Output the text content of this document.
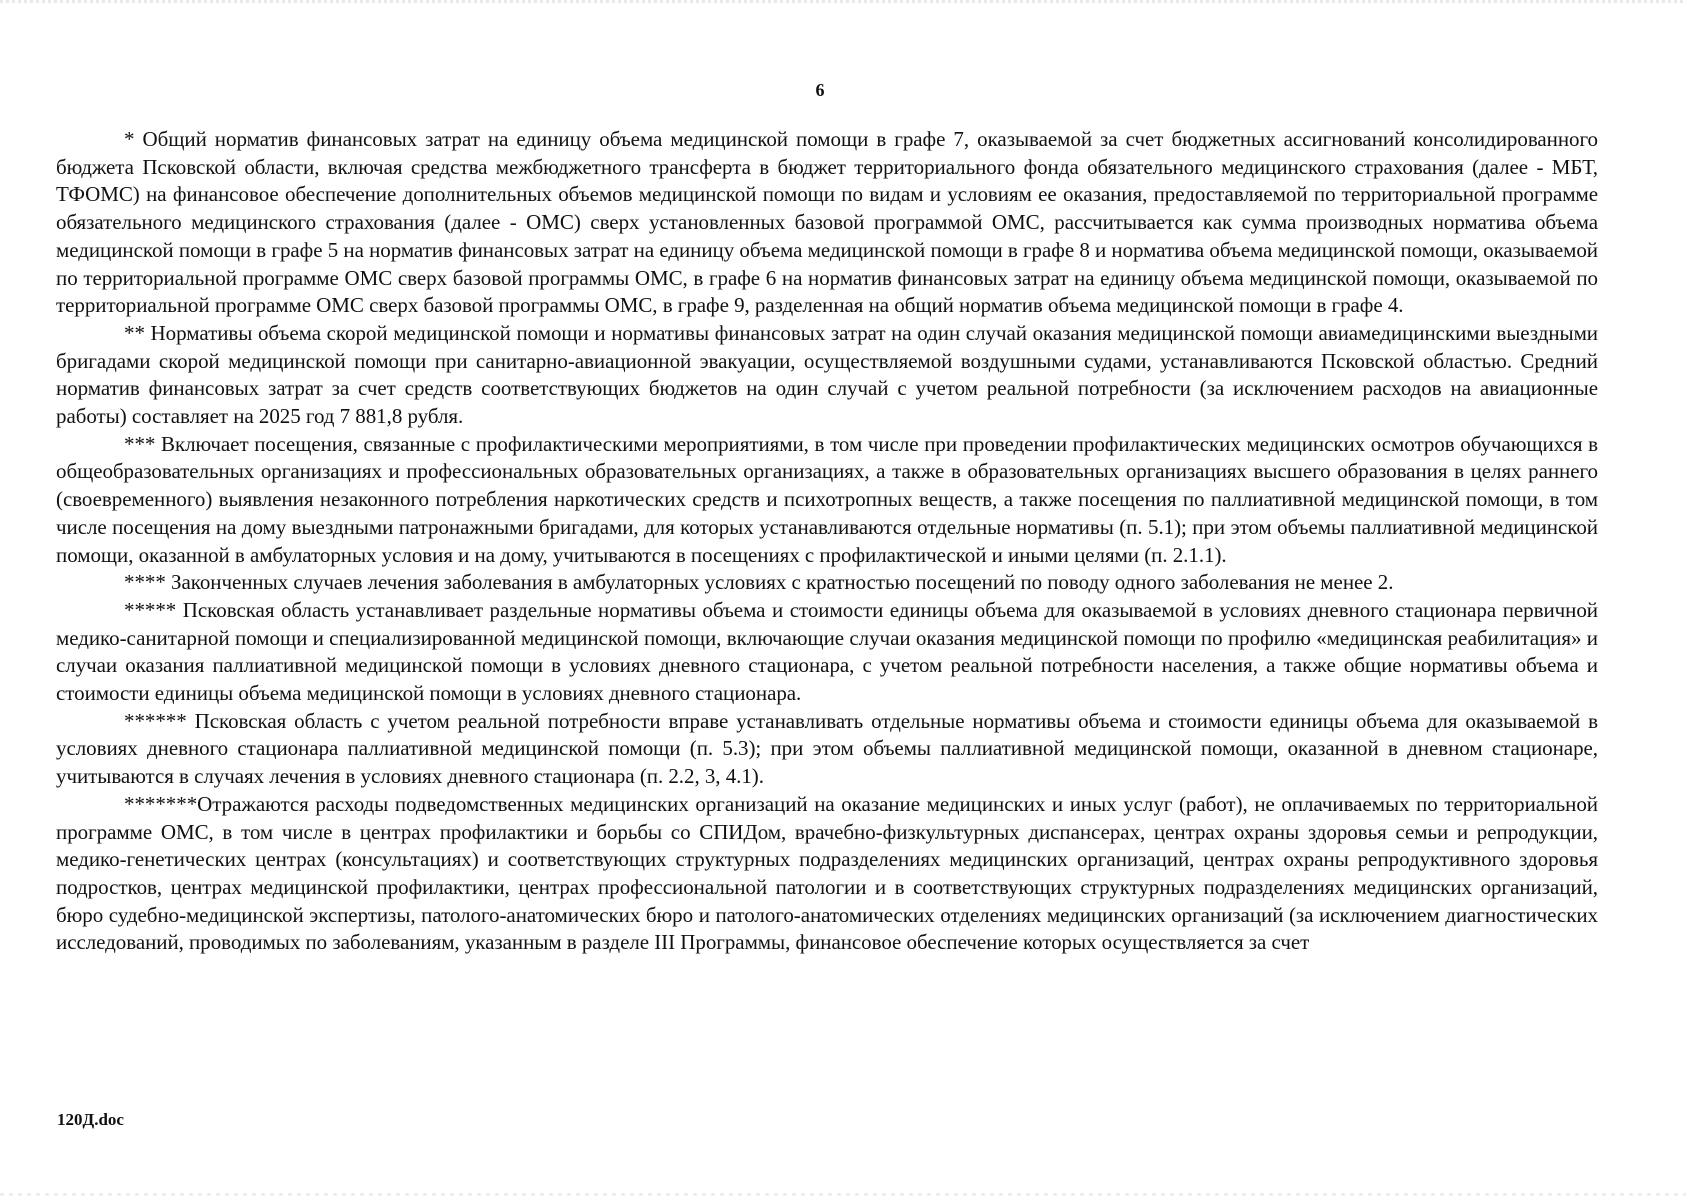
6

* Общий норматив финансовых затрат на единицу объема медицинской помощи в графе 7, оказываемой за счет бюджетных ассигнований консолидированного бюджета Псковской области, включая средства межбюджетного трансферта в бюджет территориального фонда обязательного медицинского страхования (далее - МБТ, ТФОМС) на финансовое обеспечение дополнительных объемов медицинской помощи по видам и условиям ее оказания, предоставляемой по территориальной программе обязательного медицинского страхования (далее - ОМС) сверх установленных базовой программой ОМС, рассчитывается как сумма производных норматива объема медицинской помощи в графе 5 на норматив финансовых затрат на единицу объема медицинской помощи в графе 8 и норматива объема медицинской помощи, оказываемой по территориальной программе ОМС сверх базовой программы ОМС, в графе 6 на норматив финансовых затрат на единицу объема медицинской помощи, оказываемой по территориальной программе ОМС сверх базовой программы ОМС, в графе 9, разделенная на общий норматив объема медицинской помощи в графе 4.

** Нормативы объема скорой медицинской помощи и нормативы финансовых затрат на один случай оказания медицинской помощи авиамедицинскими выездными бригадами скорой медицинской помощи при санитарно-авиационной эвакуации, осуществляемой воздушными судами, устанавливаются Псковской областью. Средний норматив финансовых затрат за счет средств соответствующих бюджетов на один случай с учетом реальной потребности (за исключением расходов на авиационные работы) составляет на 2025 год 7 881,8 рубля.

*** Включает посещения, связанные с профилактическими мероприятиями, в том числе при проведении профилактических медицинских осмотров обучающихся в общеобразовательных организациях и профессиональных образовательных организациях, а также в образовательных организациях высшего образования в целях раннего (своевременного) выявления незаконного потребления наркотических средств и психотропных веществ, а также посещения по паллиативной медицинской помощи, в том числе посещения на дому выездными патронажными бригадами, для которых устанавливаются отдельные нормативы (п. 5.1); при этом объемы паллиативной медицинской помощи, оказанной в амбулаторных условия и на дому, учитываются в посещениях с профилактической и иными целями (п. 2.1.1).

**** Законченных случаев лечения заболевания в амбулаторных условиях с кратностью посещений по поводу одного заболевания не менее 2.

***** Псковская область устанавливает раздельные нормативы объема и стоимости единицы объема для оказываемой в условиях дневного стационара первичной медико-санитарной помощи и специализированной медицинской помощи, включающие случаи оказания медицинской помощи по профилю «медицинская реабилитация» и случаи оказания паллиативной медицинской помощи в условиях дневного стационара, с учетом реальной потребности населения, а также общие нормативы объема и стоимости единицы объема медицинской помощи в условиях дневного стационара.

****** Псковская область с учетом реальной потребности вправе устанавливать отдельные нормативы объема и стоимости единицы объема для оказываемой в условиях дневного стационара паллиативной медицинской помощи (п. 5.3); при этом объемы паллиативной медицинской помощи, оказанной в дневном стационаре, учитываются в случаях лечения в условиях дневного стационара (п. 2.2, 3, 4.1).

*******Отражаются расходы подведомственных медицинских организаций на оказание медицинских и иных услуг (работ), не оплачиваемых по территориальной программе ОМС, в том числе в центрах профилактики и борьбы со СПИДом, врачебно-физкультурных диспансерах, центрах охраны здоровья семьи и репродукции, медико-генетических центрах (консультациях) и соответствующих структурных подразделениях медицинских организаций, центрах охраны репродуктивного здоровья подростков, центрах медицинской профилактики, центрах профессиональной патологии и в соответствующих структурных подразделениях медицинских организаций, бюро судебно-медицинской экспертизы, патолого-анатомических бюро и патолого-анатомических отделениях медицинских организаций (за исключением диагностических исследований, проводимых по заболеваниям, указанным в разделе III Программы, финансовое обеспечение которых осуществляется за счет

120Д.doc
